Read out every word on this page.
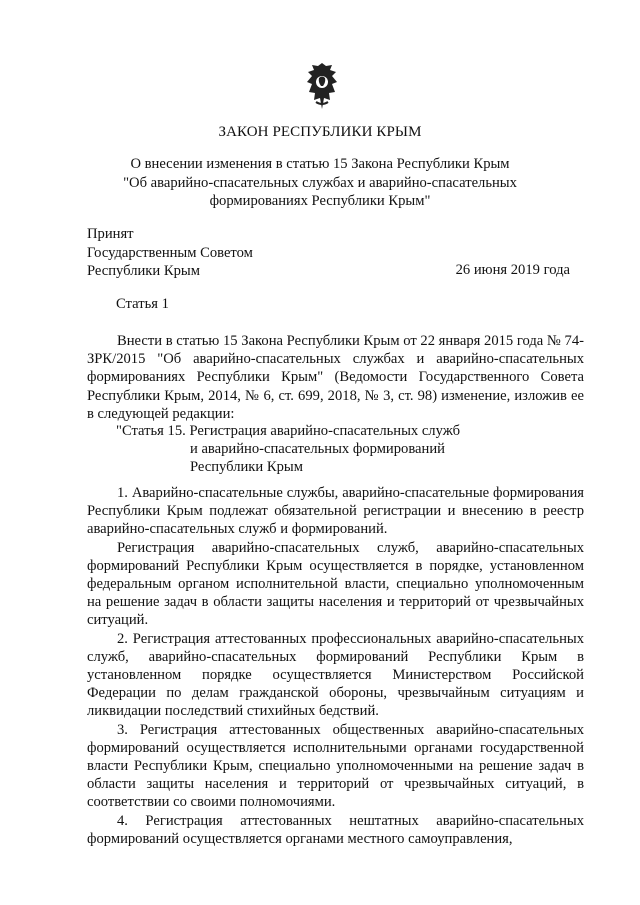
ЗАКОН РЕСПУБЛИКИ КРЫМ
О внесении изменения в статью 15 Закона Республики Крым
"Об аварийно-спасательных службах и аварийно-спасательных
формированиях Республики Крым"
Принят
Государственным Советом
Республики Крым	26 июня 2019 года
Статья 1

Внести в статью 15 Закона Республики Крым от 22 января 2015 года № 74-ЗРК/2015 "Об аварийно-спасательных службах и аварийно-спасательных формированиях Республики Крым" (Ведомости Государственного Совета Республики Крым, 2014, № 6, ст. 699, 2018, № 3, ст. 98) изменение, изложив ее в следующей редакции:

"Статья 15. Регистрация аварийно-спасательных служб
и аварийно-спасательных формирований
Республики Крым

1. Аварийно-спасательные службы, аварийно-спасательные формирования Республики Крым подлежат обязательной регистрации и внесению в реестр аварийно-спасательных служб и формирований.

Регистрация аварийно-спасательных служб, аварийно-спасательных формирований Республики Крым осуществляется в порядке, установленном федеральным органом исполнительной власти, специально уполномоченным на решение задач в области защиты населения и территорий от чрезвычайных ситуаций.

2. Регистрация аттестованных профессиональных аварийно-спасательных служб, аварийно-спасательных формирований Республики Крым в установленном порядке осуществляется Министерством Российской Федерации по делам гражданской обороны, чрезвычайным ситуациям и ликвидации последствий стихийных бедствий.

3. Регистрация аттестованных общественных аварийно-спасательных формирований осуществляется исполнительными органами государственной власти Республики Крым, специально уполномоченными на решение задач в области защиты населения и территорий от чрезвычайных ситуаций, в соответствии со своими полномочиями.

4. Регистрация аттестованных нештатных аварийно-спасательных формирований осуществляется органами местного самоуправления,
